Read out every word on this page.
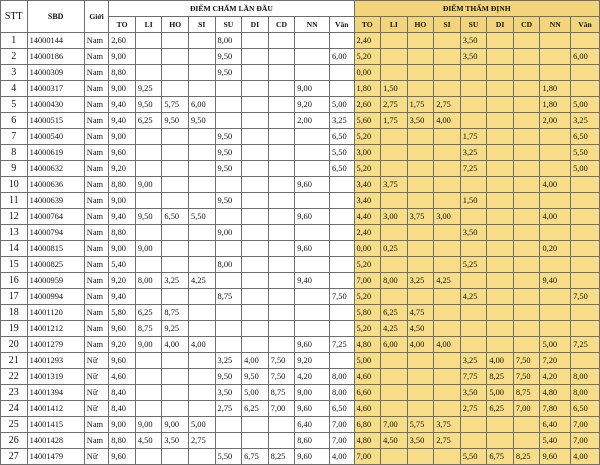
STT	SBD	Giới	ĐIỂM CHẤM LẦN ĐẦU									ĐIỂM THẨM ĐỊNH								
			TO	LI	HO	SI	SU	DI	CD	NN	Văn	TO	LI	HO	SI	SU	DI	CD	NN	Văn
1	14000144	Nam	2,60				8,00					2,40				3,50				
2	14000186	Nam	9,00				9,50				6,00	5,20				3,50				6,00
3	14000309	Nam	8,80				9,50					0,00								
4	14000317	Nam	9,00	9,25						9,00		1,80	1,50						1,80	
5	14000430	Nam	9,40	9,50	5,75	6,00				9,20	5,00	2,60	2,75	1,75	2,75				1,80	5,00
6	14000515	Nam	9,40	6,25	9,50	9,50				2,00	3,25	5,60	1,75	3,50	4,00				2,00	3,25
7	14000540	Nam	9,00				9,50				6,50	5,20				1,75				6,50
8	14000619	Nam	9,60				9,50				5,50	3,00				3,25				5,50
9	14000632	Nam	9,20				9,50				6,50	5,20				7,25				5,00
10	14000636	Nam	8,80	9,00						9,60		3,40	3,75						4,00	
11	14000639	Nam	9,00				9,50					3,40				1,50				
12	14000764	Nam	9,40	9,50	6,50	5,50				9,60		4,40	3,00	3,75	3,00				4,00	
13	14000794	Nam	8,80				9,00					2,40				3,50				
14	14000815	Nam	9,00	9,00						9,60		0,00	0,25						0,20	
15	14000825	Nam	5,40				8,00					5,20				5,25				
16	14000959	Nam	9,20	8,00	3,25	4,25				9,40		7,00	8,00	3,25	4,25				9,40	
17	14000994	Nam	9,40				8,75				7,50	5,20				4,25				7,50
18	14001120	Nam	5,80	6,25	8,75							5,80	6,25	4,75						
19	14001212	Nam	9,60	8,75	9,25							5,20	4,25	4,50						
20	14001279	Nam	9,20	9,00	4,00	4,00				9,60	7,25	4,80	6,00	4,00	4,00				5,00	7,25
21	14001293	Nữ	9,60				3,25	4,00	7,50	9,20		5,00				3,25	4,00	7,50	7,20	
22	14001319	Nữ	4,60				9,50	9,50	7,50	4,20	8,00	4,60				7,75	8,25	7,50	4,20	8,00
23	14001394	Nữ	8,40				3,50	5,00	8,75	9,00	8,00	6,60				3,50	5,00	8,75	4,80	8,00
24	14001412	Nữ	8,40				2,75	6,25	7,00	9,60	6,50	4,60				2,75	6,25	7,00	7,80	6,50
25	14001415	Nam	9,00	9,00	9,00	5,00				6,40	7,00	6,80	7,00	5,75	3,75				6,40	7,00
26	14001428	Nam	8,80	4,50	3,50	2,75				8,60	7,00	4,80	4,50	3,50	2,75				5,40	7,00
27	14001479	Nữ	9,60				5,50	6,75	8,25	9,60	4,00	7,00				5,50	6,75	8,25	9,60	4,00
